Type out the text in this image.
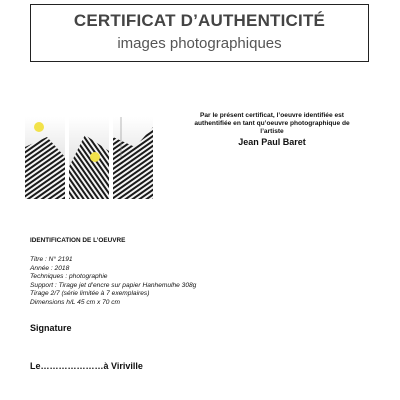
CERTIFICAT D’AUTHENTICITÉ
images photographiques
Par le présent certificat, l’oeuvre identifiée est
authentifiée en tant qu’oeuvre photographique de
l’artiste
Jean Paul Baret
IDENTIFICATION DE L’OEUVRE
Titre : N° 2191
Année : 2018
Techniques : photographie
Support : Tirage jet d’encre sur papier Hanhemulhe 308g
Tirage 2/7 (série limitée à 7 exemplaires)
Dimensions h/L 45 cm x 70 cm
Signature
Le…………………à Viriville
